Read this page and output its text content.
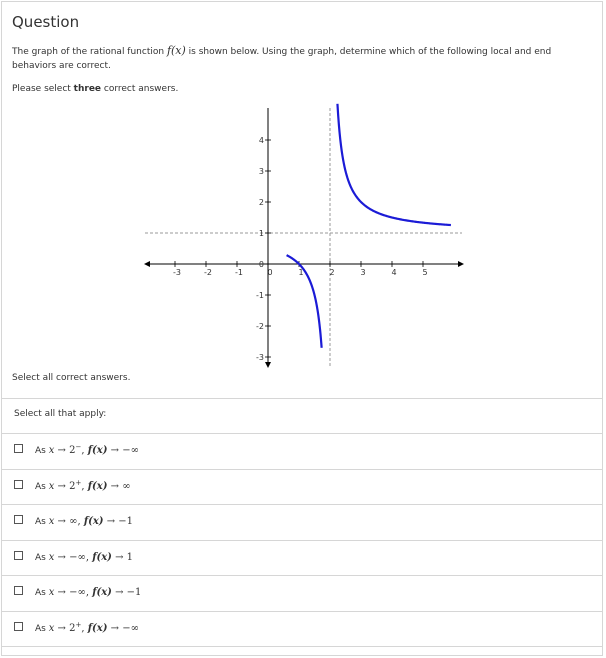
Question
The graph of the rational function f(x) is shown below. Using the graph, determine which of the following local and end behaviors are correct.
Please select three correct answers.
-3	-2	-1	0	1	2	3	4	5
4
3
2
1
0
-1
-2
-3
Select all correct answers.
Select all that apply:
As x → 2−, f(x) → −∞
As x → 2+, f(x) → ∞
As x → ∞, f(x) → −1
As x → −∞, f(x) → 1
As x → −∞, f(x) → −1
As x → 2+, f(x) → −∞
